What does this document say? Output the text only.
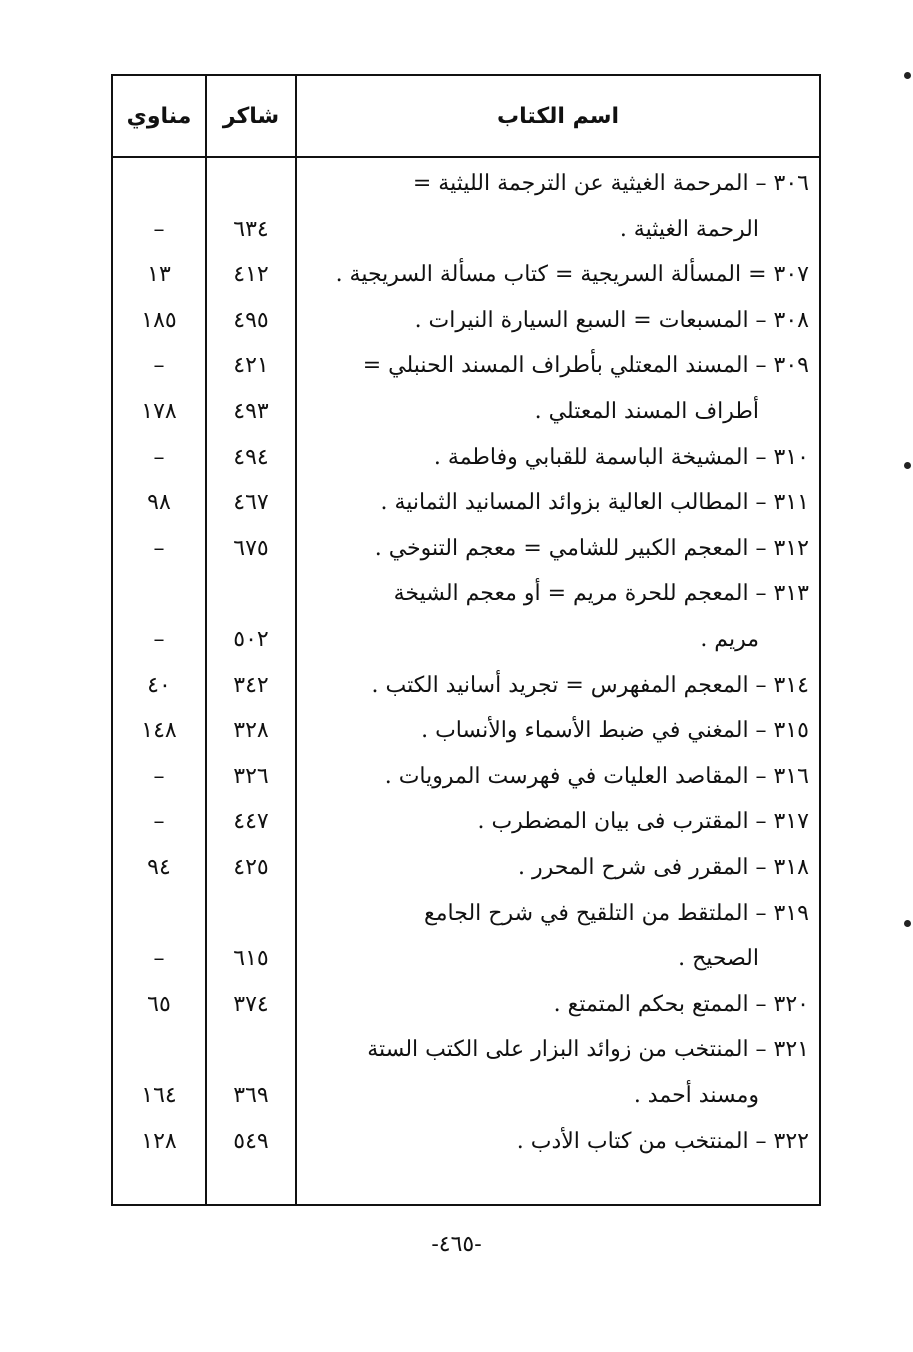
اسم الكتاب
شاكر
مناوي
٣٠٦ – المرحمة الغيثية عن الترجمة الليثية =
الرحمة الغيثية .
٦٣٤
–
٣٠٧ = المسألة السريجية = كتاب مسألة السريجية .
٤١٢
١٣
٣٠٨ – المسبعات = السبع السيارة النيرات .
٤٩٥
١٨٥
٣٠٩ – المسند المعتلي بأطراف المسند الحنبلي =
٤٢١
–
أطراف المسند المعتلي .
٤٩٣
١٧٨
٣١٠ – المشيخة الباسمة للقبابي وفاطمة .
٤٩٤
–
٣١١ – المطالب العالية بزوائد المسانيد الثمانية .
٤٦٧
٩٨
٣١٢ – المعجم الكبير للشامي = معجم التنوخي .
٦٧٥
–
٣١٣ – المعجم للحرة مريم = أو معجم الشيخة
مريم .
٥٠٢
–
٣١٤ – المعجم المفهرس = تجريد أسانيد الكتب .
٣٤٢
٤٠
٣١٥ – المغني في ضبط الأسماء والأنساب .
٣٢٨
١٤٨
٣١٦ – المقاصد العليات في فهرست المرويات .
٣٢٦
–
٣١٧ – المقترب فى بيان المضطرب .
٤٤٧
–
٣١٨ – المقرر فى شرح المحرر .
٤٢٥
٩٤
٣١٩ – الملتقط من التلقيح في شرح الجامع
الصحيح .
٦١٥
–
٣٢٠ – الممتع بحكم المتمتع .
٣٧٤
٦٥
٣٢١ – المنتخب من زوائد البزار على الكتب الستة
ومسند أحمد .
٣٦٩
١٦٤
٣٢٢ – المنتخب من كتاب الأدب .
٥٤٩
١٢٨
-٤٦٥-
